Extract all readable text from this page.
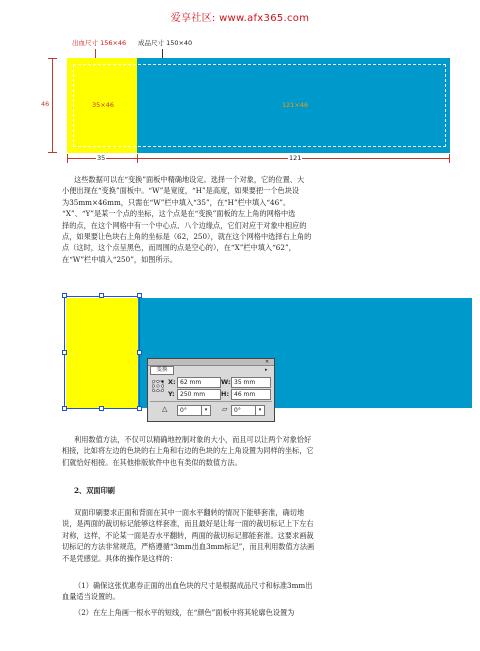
爱享社区: www.afx365.com
出血尺寸 156×46 成品尺寸 150×40
46	35×46	121×46
35	121
这些数据可以在“变换”面板中精确地设定。选择一个对象，它的位置、大
小便出现在“变换”面板中。“W”是宽度，“H”是高度，如果要把一个色块设
为35mm×46mm，只需在“W”栏中填入“35”，在“H”栏中填入“46”。
“X”、“Y”是某一个点的坐标，这个点是在“变换”面板的左上角的网格中选
择的点，在这个网格中有一个中心点、八个边缘点，它们对应于对象中相应的
点，如果要让色块右上角的坐标是（62，250），就在这个网格中选择右上角的
点（这时，这个点呈黑色，而周围的点是空心的），在“X”栏中填入“62”，
在“W”栏中填入“250”，如图所示。
✕
变换	▸
X: 62 mm	W: 35 mm
Y: 250 mm	H: 46 mm
△	0°	▾	▱	0°	▾
利用数值方法，不仅可以精确地控制对象的大小，而且可以让两个对象恰好
相接，比如将左边的色块的右上角和右边的色块的左上角设置为同样的坐标，它
们就恰好相接。在其他排版软件中也有类似的数值方法。
2、双面印刷
双面印刷要求正面和背面在其中一面水平翻转的情况下能够套准，确切地
说，是两面的裁切标记能够这样套准，而且最好是让每一面的裁切标记上下左右
对称，这样，不论某一面是否水平翻转，两面的裁切标记都能套准。这要求画裁
切标记的方法非常规范，严格遵循“3mm出血3mm标记”，而且利用数值方法画
不是凭感觉。具体的操作是这样的：
（1）确保这张优惠券正面的出血色块的尺寸是根据成品尺寸和标准3mm出
血量适当设置的。
（2）在左上角画一根水平的短线，在“颜色”面板中将其轮廓色设置为
